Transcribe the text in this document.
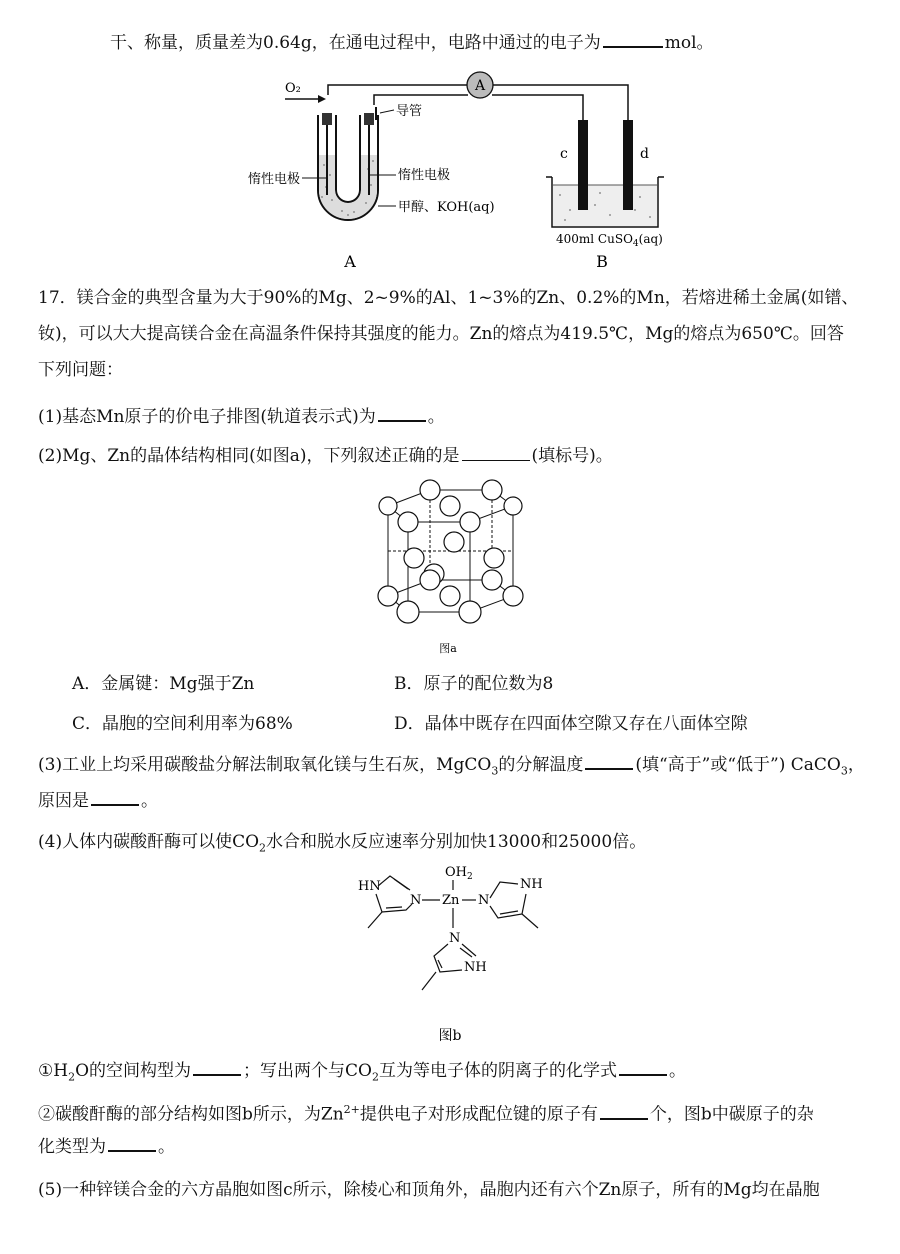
干、称量，质量差为0.64g，在通电过程中，电路中通过的电子为	mol。
O₂	A
导管
惰性电极	惰性电极
甲醇、KOH(aq)
c	d
400ml CuSO$_4$(aq)
A	B
17．镁合金的典型含量为大于90%的Mg、2~9%的Al、1~3%的Zn、0.2%的Mn，若熔进稀土金属(如镨、
钕)，可以大大提高镁合金在高温条件保持其强度的能力。Zn的熔点为419.5℃，Mg的熔点为650℃。回答
下列问题：
(1)基态Mn原子的价电子排图(轨道表示式)为	。
(2)Mg、Zn的晶体结构相同(如图a)，下列叙述正确的是	(填标号)。
图a
A．金属键：Mg强于Zn	B．原子的配位数为8
C．晶胞的空间利用率为68%	D．晶体中既存在四面体空隙又存在八面体空隙
(3)工业上均采用碳酸盐分解法制取氧化镁与生石灰，MgCO$_3$的分解温度	(填“高于”或“低于”) CaCO$_3$，
原因是	。
(4)人体内碳酸酐酶可以使$CO_2$水合和脱水反应速率分别加快13000和25000倍。
$OH_2$
Zn
HN
N	N
NH
N
NH
图b
$①H_2O$的空间构型为	；写出两个与$CO_2$互为等电子体的阴离子的化学式	。
②碳酸酐酶的部分结构如图b所示，为$Zn^{2+}$提供电子对形成配位键的原子有	个，图b中碳原子的杂
化类型为	。
(5)一种锌镁合金的六方晶胞如图c所示，除棱心和顶角外，晶胞内还有六个Zn原子，所有的Mg均在晶胞
